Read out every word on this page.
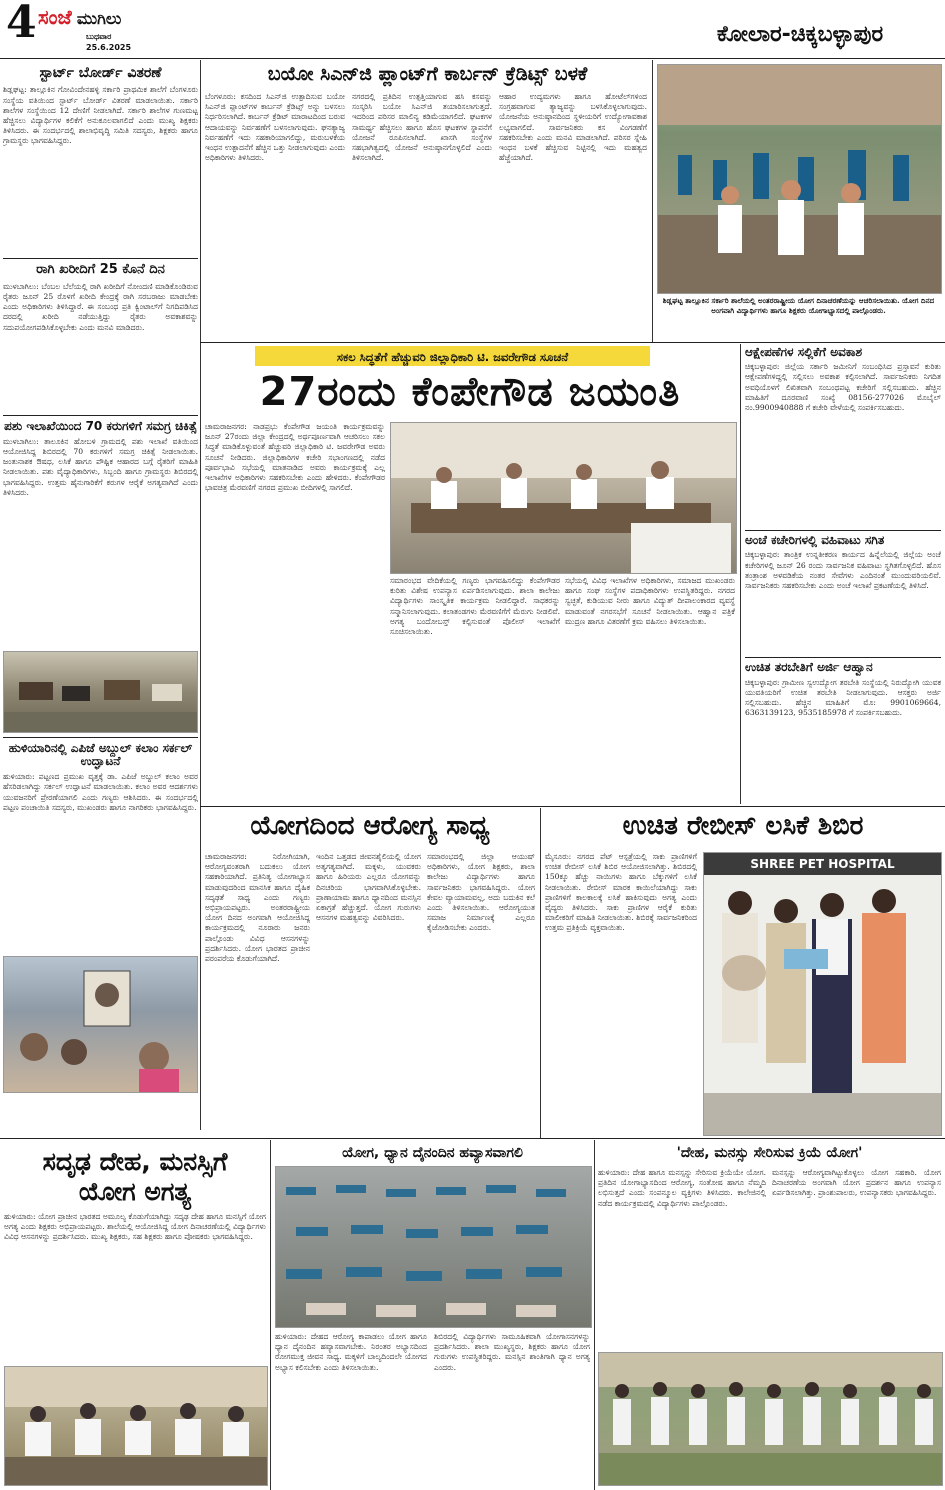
4 ಸಂಜೆ ಮುಗಿಲು
ಬುಧವಾರ
25.6.2025
ಕೋಲಾರ-ಚಿಕ್ಕಬಳ್ಳಾಪುರ
ಸ್ಟಾರ್ಟ್ ಬೋರ್ಡ್ ವಿತರಣೆ
ಶಿಡ್ಲಘಟ್ಟ: ತಾಲ್ಲೂಕಿನ ಗೋವಿಂದೇನಹಳ್ಳಿ ಸರ್ಕಾರಿ ಪ್ರಾಥಮಿಕ ಶಾಲೆಗೆ ಬೆಂಗಳೂರು ಸಂಸ್ಥೆಯ ವತಿಯಿಂದ ಸ್ಟಾರ್ಟ್ ಬೋರ್ಡ್ ವಿತರಣೆ ಮಾಡಲಾಯಿತು. ಸರ್ಕಾರಿ ಶಾಲೆಗಳ ಸಂಸ್ಥೆಯಿಂದ 12 ದೇಣಿಗೆ ನೀಡಲಾಗಿದೆ. ಸರ್ಕಾರಿ ಶಾಲೆಗಳ ಗುಣಮಟ್ಟ ಹೆಚ್ಚಿಸಲು ವಿದ್ಯಾರ್ಥಿಗಳ ಕಲಿಕೆಗೆ ಅನುಕೂಲವಾಗಲಿದೆ ಎಂದು ಮುಖ್ಯ ಶಿಕ್ಷಕರು ತಿಳಿಸಿದರು. ಈ ಸಂದರ್ಭದಲ್ಲಿ ಶಾಲಾಭಿವೃದ್ಧಿ ಸಮಿತಿ ಸದಸ್ಯರು, ಶಿಕ್ಷಕರು ಹಾಗೂ ಗ್ರಾಮಸ್ಥರು ಭಾಗವಹಿಸಿದ್ದರು.
ರಾಗಿ ಖರೀದಿಗೆ 25 ಕೊನೆ ದಿನ
ಮುಳಬಾಗಿಲು: ಬೆಂಬಲ ಬೆಲೆಯಲ್ಲಿ ರಾಗಿ ಖರೀದಿಗೆ ನೋಂದಣಿ ಮಾಡಿಕೊಂಡಿರುವ ರೈತರು ಜೂನ್ 25 ರೊಳಗೆ ಖರೀದಿ ಕೇಂದ್ರಕ್ಕೆ ರಾಗಿ ಸರಬರಾಜು ಮಾಡಬೇಕು ಎಂದು ಅಧಿಕಾರಿಗಳು ತಿಳಿಸಿದ್ದಾರೆ. ಈ ಸಂಬಂಧ ಪ್ರತಿ ಕ್ವಿಂಟಾಲ್‌ಗೆ ನಿಗದಿಪಡಿಸಿದ ದರದಲ್ಲಿ ಖರೀದಿ ನಡೆಯುತ್ತಿದ್ದು ರೈತರು ಅವಕಾಶವನ್ನು ಸದುಪಯೋಗಪಡಿಸಿಕೊಳ್ಳಬೇಕು ಎಂದು ಮನವಿ ಮಾಡಿದರು.
ಪಶು ಇಲಾಖೆಯಿಂದ 70 ಕರುಗಳಿಗೆ ಸಮಗ್ರ ಚಿಕಿತ್ಸೆ
ಮುಳಬಾಗಿಲು: ತಾಲೂಕಿನ ಹೋಬಳಿ ಗ್ರಾಮದಲ್ಲಿ ಪಶು ಇಲಾಖೆ ವತಿಯಿಂದ ಆಯೋಜಿಸಿದ್ದ ಶಿಬಿರದಲ್ಲಿ 70 ಕರುಗಳಿಗೆ ಸಮಗ್ರ ಚಿಕಿತ್ಸೆ ನೀಡಲಾಯಿತು. ಜಂತುನಾಶಕ ಔಷಧ, ಲಸಿಕೆ ಹಾಗೂ ಪೌಷ್ಟಿಕ ಆಹಾರದ ಬಗ್ಗೆ ರೈತರಿಗೆ ಮಾಹಿತಿ ನೀಡಲಾಯಿತು. ಪಶು ವೈದ್ಯಾಧಿಕಾರಿಗಳು, ಸಿಬ್ಬಂದಿ ಹಾಗೂ ಗ್ರಾಮಸ್ಥರು ಶಿಬಿರದಲ್ಲಿ ಭಾಗವಹಿಸಿದ್ದರು. ಉತ್ತಮ ಹೈನುಗಾರಿಕೆಗೆ ಕರುಗಳ ಆರೈಕೆ ಅಗತ್ಯವಾಗಿದೆ ಎಂದು ತಿಳಿಸಿದರು.
ಹುಳಿಯಾರಿನಲ್ಲಿ ಎಪಿಜೆ ಅಬ್ದುಲ್ ಕಲಾಂ ಸರ್ಕಲ್ ಉದ್ಘಾಟನೆ
ಹುಳಿಯಾರು: ಪಟ್ಟಣದ ಪ್ರಮುಖ ವೃತ್ತಕ್ಕೆ ಡಾ. ಎಪಿಜೆ ಅಬ್ದುಲ್ ಕಲಾಂ ಅವರ ಹೆಸರಿಡಲಾಗಿದ್ದು ಸರ್ಕಲ್ ಉದ್ಘಾಟನೆ ಮಾಡಲಾಯಿತು. ಕಲಾಂ ಅವರ ಆದರ್ಶಗಳು ಯುವಜನರಿಗೆ ಪ್ರೇರಣೆಯಾಗಲಿ ಎಂದು ಗಣ್ಯರು ಆಶಿಸಿದರು. ಈ ಸಂದರ್ಭದಲ್ಲಿ ಪಟ್ಟಣ ಪಂಚಾಯಿತಿ ಸದಸ್ಯರು, ಮುಖಂಡರು ಹಾಗೂ ನಾಗರಿಕರು ಭಾಗವಹಿಸಿದ್ದರು.
ಬಯೋ ಸಿಎನ್‌ಜಿ ಪ್ಲಾಂಟ್‌ಗೆ ಕಾರ್ಬನ್ ಕ್ರೆಡಿಟ್ಸ್ ಬಳಕೆ
ಬೆಂಗಳೂರು: ಕಸದಿಂದ ಸಿಎನ್‌ಜಿ ಉತ್ಪಾದಿಸುವ ಬಯೋ ಸಿಎನ್‌ಜಿ ಪ್ಲಾಂಟ್‌ಗಳ ಕಾರ್ಬನ್ ಕ್ರೆಡಿಟ್ಸ್ ಅನ್ನು ಬಳಸಲು ನಿರ್ಧರಿಸಲಾಗಿದೆ. ಕಾರ್ಬನ್ ಕ್ರೆಡಿಟ್ ಮಾರಾಟದಿಂದ ಬರುವ ಆದಾಯವನ್ನು ನಿರ್ವಹಣೆಗೆ ಬಳಸಲಾಗುವುದು. ಘನತ್ಯಾಜ್ಯ ನಿರ್ವಹಣೆಗೆ ಇದು ಸಹಕಾರಿಯಾಗಲಿದ್ದು, ಮರುಬಳಕೆಯ ಇಂಧನ ಉತ್ಪಾದನೆಗೆ ಹೆಚ್ಚಿನ ಒತ್ತು ನೀಡಲಾಗುವುದು ಎಂದು ಅಧಿಕಾರಿಗಳು ತಿಳಿಸಿದರು.
ನಗರದಲ್ಲಿ ಪ್ರತಿದಿನ ಉತ್ಪತ್ತಿಯಾಗುವ ಹಸಿ ಕಸವನ್ನು ಸಂಸ್ಕರಿಸಿ ಬಯೋ ಸಿಎನ್‌ಜಿ ತಯಾರಿಸಲಾಗುತ್ತದೆ. ಇದರಿಂದ ಪರಿಸರ ಮಾಲಿನ್ಯ ಕಡಿಮೆಯಾಗಲಿದೆ. ಘಟಕಗಳ ಸಾಮರ್ಥ್ಯ ಹೆಚ್ಚಿಸಲು ಹಾಗೂ ಹೊಸ ಘಟಕಗಳ ಸ್ಥಾಪನೆಗೆ ಯೋಜನೆ ರೂಪಿಸಲಾಗಿದೆ. ಖಾಸಗಿ ಸಂಸ್ಥೆಗಳ ಸಹಭಾಗಿತ್ವದಲ್ಲಿ ಯೋಜನೆ ಅನುಷ್ಠಾನಗೊಳ್ಳಲಿದೆ ಎಂದು ತಿಳಿಸಲಾಗಿದೆ.
ಆಹಾರ ಉದ್ಯಮಗಳು ಹಾಗೂ ಹೋಟೆಲ್‌ಗಳಿಂದ ಸಂಗ್ರಹವಾಗುವ ತ್ಯಾಜ್ಯವನ್ನು ಬಳಸಿಕೊಳ್ಳಲಾಗುವುದು. ಯೋಜನೆಯ ಅನುಷ್ಠಾನದಿಂದ ಸ್ಥಳೀಯರಿಗೆ ಉದ್ಯೋಗಾವಕಾಶ ಲಭ್ಯವಾಗಲಿದೆ. ಸಾರ್ವಜನಿಕರು ಕಸ ವಿಂಗಡಣೆಗೆ ಸಹಕರಿಸಬೇಕು ಎಂದು ಮನವಿ ಮಾಡಲಾಗಿದೆ. ಪರಿಸರ ಸ್ನೇಹಿ ಇಂಧನ ಬಳಕೆ ಹೆಚ್ಚಿಸುವ ನಿಟ್ಟಿನಲ್ಲಿ ಇದು ಮಹತ್ವದ ಹೆಜ್ಜೆಯಾಗಿದೆ.
ಶಿಡ್ಲಘಟ್ಟ ತಾಲ್ಲೂಕಿನ ಸರ್ಕಾರಿ ಶಾಲೆಯಲ್ಲಿ ಅಂತರರಾಷ್ಟ್ರೀಯ ಯೋಗ ದಿನಾಚರಣೆಯನ್ನು ಆಚರಿಸಲಾಯಿತು. ಯೋಗ ದಿನದ ಅಂಗವಾಗಿ ವಿದ್ಯಾರ್ಥಿಗಳು ಹಾಗೂ ಶಿಕ್ಷಕರು ಯೋಗಾಭ್ಯಾಸದಲ್ಲಿ ಪಾಲ್ಗೊಂಡರು.
ಸಕಲ ಸಿದ್ಧತೆಗೆ ಹೆಚ್ಚುವರಿ ಜಿಲ್ಲಾಧಿಕಾರಿ ಟಿ. ಜವರೇಗೌಡ ಸೂಚನೆ
27ರಂದು ಕೆಂಪೇಗೌಡ ಜಯಂತಿ
ಚಾಮರಾಜನಗರ: ನಾಡಪ್ರಭು ಕೆಂಪೇಗೌಡ ಜಯಂತಿ ಕಾರ್ಯಕ್ರಮವನ್ನು ಜೂನ್ 27ರಂದು ಜಿಲ್ಲಾ ಕೇಂದ್ರದಲ್ಲಿ ಅರ್ಥಪೂರ್ಣವಾಗಿ ಆಚರಿಸಲು ಸಕಲ ಸಿದ್ಧತೆ ಮಾಡಿಕೊಳ್ಳುವಂತೆ ಹೆಚ್ಚುವರಿ ಜಿಲ್ಲಾಧಿಕಾರಿ ಟಿ. ಜವರೇಗೌಡ ಅವರು ಸೂಚನೆ ನೀಡಿದರು. ಜಿಲ್ಲಾಧಿಕಾರಿಗಳ ಕಚೇರಿ ಸಭಾಂಗಣದಲ್ಲಿ ನಡೆದ ಪೂರ್ವಭಾವಿ ಸಭೆಯಲ್ಲಿ ಮಾತನಾಡಿದ ಅವರು ಕಾರ್ಯಕ್ರಮಕ್ಕೆ ಎಲ್ಲ ಇಲಾಖೆಗಳ ಅಧಿಕಾರಿಗಳು ಸಹಕರಿಸಬೇಕು ಎಂದು ಹೇಳಿದರು. ಕೆಂಪೇಗೌಡರ ಭಾವಚಿತ್ರ ಮೆರವಣಿಗೆ ನಗರದ ಪ್ರಮುಖ ಬೀದಿಗಳಲ್ಲಿ ಸಾಗಲಿದೆ.
ಸಮಾರಂಭದ ವೇದಿಕೆಯಲ್ಲಿ ಗಣ್ಯರು ಭಾಗವಹಿಸಲಿದ್ದು ಕೆಂಪೇಗೌಡರ ಕುರಿತು ವಿಶೇಷ ಉಪನ್ಯಾಸ ಏರ್ಪಡಿಸಲಾಗುವುದು. ಶಾಲಾ ಕಾಲೇಜು ವಿದ್ಯಾರ್ಥಿಗಳು ಸಾಂಸ್ಕೃತಿಕ ಕಾರ್ಯಕ್ರಮ ನೀಡಲಿದ್ದಾರೆ. ಸಾಧಕರನ್ನು ಸನ್ಮಾನಿಸಲಾಗುವುದು. ಕಲಾತಂಡಗಳು ಮೆರವಣಿಗೆಗೆ ಮೆರುಗು ನೀಡಲಿವೆ. ಅಗತ್ಯ ಬಂದೋಬಸ್ತ್ ಕಲ್ಪಿಸುವಂತೆ ಪೊಲೀಸ್ ಇಲಾಖೆಗೆ ಸೂಚಿಸಲಾಯಿತು.
ಸಭೆಯಲ್ಲಿ ವಿವಿಧ ಇಲಾಖೆಗಳ ಅಧಿಕಾರಿಗಳು, ಸಮಾಜದ ಮುಖಂಡರು ಹಾಗೂ ಸಂಘ ಸಂಸ್ಥೆಗಳ ಪದಾಧಿಕಾರಿಗಳು ಉಪಸ್ಥಿತರಿದ್ದರು. ನಗರದ ಸ್ವಚ್ಛತೆ, ಕುಡಿಯುವ ನೀರು ಹಾಗೂ ವಿದ್ಯುತ್ ದೀಪಾಲಂಕಾರದ ವ್ಯವಸ್ಥೆ ಮಾಡುವಂತೆ ನಗರಸಭೆಗೆ ಸೂಚನೆ ನೀಡಲಾಯಿತು. ಆಹ್ವಾನ ಪತ್ರಿಕೆ ಮುದ್ರಣ ಹಾಗೂ ವಿತರಣೆಗೆ ಕ್ರಮ ವಹಿಸಲು ತಿಳಿಸಲಾಯಿತು.
ಆಕ್ಷೇಪಣೆಗಳ ಸಲ್ಲಿಕೆಗೆ ಅವಕಾಶ
ಚಿಕ್ಕಬಳ್ಳಾಪುರ: ಜಿಲ್ಲೆಯ ಸರ್ಕಾರಿ ಜಮೀನಿಗೆ ಸಂಬಂಧಿಸಿದ ಪ್ರಸ್ತಾವನೆ ಕುರಿತು ಆಕ್ಷೇಪಣೆಗಳಿದ್ದಲ್ಲಿ ಸಲ್ಲಿಸಲು ಅವಕಾಶ ಕಲ್ಪಿಸಲಾಗಿದೆ. ಸಾರ್ವಜನಿಕರು ನಿಗದಿತ ಅವಧಿಯೊಳಗೆ ಲಿಖಿತವಾಗಿ ಸಂಬಂಧಪಟ್ಟ ಕಚೇರಿಗೆ ಸಲ್ಲಿಸಬಹುದು. ಹೆಚ್ಚಿನ ಮಾಹಿತಿಗೆ ದೂರವಾಣಿ ಸಂಖ್ಯೆ 08156-277026 ಮೊಬೈಲ್ ನಂ.9900940888 ಗೆ ಕಚೇರಿ ವೇಳೆಯಲ್ಲಿ ಸಂಪರ್ಕಿಸಬಹುದು.
ಅಂಚೆ ಕಚೇರಿಗಳಲ್ಲಿ ವಹಿವಾಟು ಸಗಿತ
ಚಿಕ್ಕಬಳ್ಳಾಪುರ: ತಾಂತ್ರಿಕ ಉನ್ನತೀಕರಣ ಕಾರ್ಯದ ಹಿನ್ನೆಲೆಯಲ್ಲಿ ಜಿಲ್ಲೆಯ ಅಂಚೆ ಕಚೇರಿಗಳಲ್ಲಿ ಜೂನ್ 26 ರಂದು ಸಾರ್ವಜನಿಕ ವಹಿವಾಟು ಸ್ಥಗಿತಗೊಳ್ಳಲಿದೆ. ಹೊಸ ತಂತ್ರಾಂಶ ಅಳವಡಿಕೆಯ ನಂತರ ಸೇವೆಗಳು ಎಂದಿನಂತೆ ಮುಂದುವರಿಯಲಿವೆ. ಸಾರ್ವಜನಿಕರು ಸಹಕರಿಸಬೇಕು ಎಂದು ಅಂಚೆ ಇಲಾಖೆ ಪ್ರಕಟಣೆಯಲ್ಲಿ ತಿಳಿಸಿದೆ.
ಉಚಿತ ತರಬೇತಿಗೆ ಅರ್ಜಿ ಆಹ್ವಾನ
ಚಿಕ್ಕಬಳ್ಳಾಪುರ: ಗ್ರಾಮೀಣ ಸ್ವಉದ್ಯೋಗ ತರಬೇತಿ ಸಂಸ್ಥೆಯಲ್ಲಿ ನಿರುದ್ಯೋಗಿ ಯುವಕ ಯುವತಿಯರಿಗೆ ಉಚಿತ ತರಬೇತಿ ನೀಡಲಾಗುವುದು. ಆಸಕ್ತರು ಅರ್ಜಿ ಸಲ್ಲಿಸಬಹುದು. ಹೆಚ್ಚಿನ ಮಾಹಿತಿಗೆ ಮೊ: 9901069664, 6363139123, 9535185978 ಗೆ ಸಂಪರ್ಕಿಸಬಹುದು.
ಯೋಗದಿಂದ ಆರೋಗ್ಯ ಸಾಧ್ಯ
ಚಾಮರಾಜನಗರ: ನಿರೋಗಿಯಾಗಿ, ಆರೋಗ್ಯವಂತರಾಗಿ ಬದುಕಲು ಯೋಗ ಸಹಕಾರಿಯಾಗಿದೆ. ಪ್ರತಿನಿತ್ಯ ಯೋಗಾಭ್ಯಾಸ ಮಾಡುವುದರಿಂದ ಮಾನಸಿಕ ಹಾಗೂ ದೈಹಿಕ ಸದೃಢತೆ ಸಾಧ್ಯ ಎಂದು ಗಣ್ಯರು ಅಭಿಪ್ರಾಯಪಟ್ಟರು. ಅಂತರರಾಷ್ಟ್ರೀಯ ಯೋಗ ದಿನದ ಅಂಗವಾಗಿ ಆಯೋಜಿಸಿದ್ದ ಕಾರ್ಯಕ್ರಮದಲ್ಲಿ ನೂರಾರು ಜನರು ಪಾಲ್ಗೊಂಡು ವಿವಿಧ ಆಸನಗಳನ್ನು ಪ್ರದರ್ಶಿಸಿದರು. ಯೋಗ ಭಾರತದ ಪ್ರಾಚೀನ ಪರಂಪರೆಯ ಕೊಡುಗೆಯಾಗಿದೆ.
ಇಂದಿನ ಒತ್ತಡದ ಜೀವನಶೈಲಿಯಲ್ಲಿ ಯೋಗ ಅತ್ಯಗತ್ಯವಾಗಿದೆ. ಮಕ್ಕಳು, ಯುವಕರು ಹಾಗೂ ಹಿರಿಯರು ಎಲ್ಲರೂ ಯೋಗವನ್ನು ದಿನಚರಿಯ ಭಾಗವಾಗಿಸಿಕೊಳ್ಳಬೇಕು. ಪ್ರಾಣಾಯಾಮ ಹಾಗೂ ಧ್ಯಾನದಿಂದ ಮನಸ್ಸಿನ ಏಕಾಗ್ರತೆ ಹೆಚ್ಚುತ್ತದೆ. ಯೋಗ ಗುರುಗಳು ಆಸನಗಳ ಮಹತ್ವವನ್ನು ವಿವರಿಸಿದರು.
ಸಮಾರಂಭದಲ್ಲಿ ಜಿಲ್ಲಾ ಆಯುಷ್ ಅಧಿಕಾರಿಗಳು, ಯೋಗ ಶಿಕ್ಷಕರು, ಶಾಲಾ ಕಾಲೇಜು ವಿದ್ಯಾರ್ಥಿಗಳು ಹಾಗೂ ಸಾರ್ವಜನಿಕರು ಭಾಗವಹಿಸಿದ್ದರು. ಯೋಗ ಕೇವಲ ವ್ಯಾಯಾಮವಲ್ಲ, ಅದು ಬದುಕಿನ ಕಲೆ ಎಂದು ತಿಳಿಸಲಾಯಿತು. ಆರೋಗ್ಯಯುತ ಸಮಾಜ ನಿರ್ಮಾಣಕ್ಕೆ ಎಲ್ಲರೂ ಕೈಜೋಡಿಸಬೇಕು ಎಂದರು.
ಉಚಿತ ರೇಬೀಸ್ ಲಸಿಕೆ ಶಿಬಿರ
ಮೈಸೂರು: ನಗರದ ಪೆಟ್ ಆಸ್ಪತ್ರೆಯಲ್ಲಿ ಸಾಕು ಪ್ರಾಣಿಗಳಿಗೆ ಉಚಿತ ರೇಬೀಸ್ ಲಸಿಕೆ ಶಿಬಿರ ಆಯೋಜಿಸಲಾಗಿತ್ತು. ಶಿಬಿರದಲ್ಲಿ 150ಕ್ಕೂ ಹೆಚ್ಚು ನಾಯಿಗಳು ಹಾಗೂ ಬೆಕ್ಕುಗಳಿಗೆ ಲಸಿಕೆ ನೀಡಲಾಯಿತು. ರೇಬೀಸ್ ಮಾರಕ ಕಾಯಿಲೆಯಾಗಿದ್ದು ಸಾಕು ಪ್ರಾಣಿಗಳಿಗೆ ಕಾಲಕಾಲಕ್ಕೆ ಲಸಿಕೆ ಹಾಕಿಸುವುದು ಅಗತ್ಯ ಎಂದು ವೈದ್ಯರು ತಿಳಿಸಿದರು. ಸಾಕು ಪ್ರಾಣಿಗಳ ಆರೈಕೆ ಕುರಿತು ಮಾಲೀಕರಿಗೆ ಮಾಹಿತಿ ನೀಡಲಾಯಿತು. ಶಿಬಿರಕ್ಕೆ ಸಾರ್ವಜನಿಕರಿಂದ ಉತ್ತಮ ಪ್ರತಿಕ್ರಿಯೆ ವ್ಯಕ್ತವಾಯಿತು.
SHREE PET HOSPITAL
ಸದೃಢ ದೇಹ, ಮನಸ್ಸಿಗೆ
ಯೋಗ ಅಗತ್ಯ
ಹುಳಿಯಾರು: ಯೋಗ ಪ್ರಾಚೀನ ಭಾರತದ ಅಮೂಲ್ಯ ಕೊಡುಗೆಯಾಗಿದ್ದು ಸದೃಢ ದೇಹ ಹಾಗೂ ಮನಸ್ಸಿಗೆ ಯೋಗ ಅಗತ್ಯ ಎಂದು ಶಿಕ್ಷಕರು ಅಭಿಪ್ರಾಯಪಟ್ಟರು. ಶಾಲೆಯಲ್ಲಿ ಆಯೋಜಿಸಿದ್ದ ಯೋಗ ದಿನಾಚರಣೆಯಲ್ಲಿ ವಿದ್ಯಾರ್ಥಿಗಳು ವಿವಿಧ ಆಸನಗಳನ್ನು ಪ್ರದರ್ಶಿಸಿದರು. ಮುಖ್ಯ ಶಿಕ್ಷಕರು, ಸಹ ಶಿಕ್ಷಕರು ಹಾಗೂ ಪೋಷಕರು ಭಾಗವಹಿಸಿದ್ದರು.
ಯೋಗ, ಧ್ಯಾನ ದೈನಂದಿನ ಹವ್ಯಾಸವಾಗಲಿ
ಹುಳಿಯಾರು: ದೇಹದ ಆರೋಗ್ಯ ಕಾಪಾಡಲು ಯೋಗ ಹಾಗೂ ಧ್ಯಾನ ದೈನಂದಿನ ಹವ್ಯಾಸವಾಗಬೇಕು. ನಿರಂತರ ಅಭ್ಯಾಸದಿಂದ ರೋಗಮುಕ್ತ ಜೀವನ ಸಾಧ್ಯ. ಮಕ್ಕಳಿಗೆ ಬಾಲ್ಯದಿಂದಲೇ ಯೋಗದ ಅಭ್ಯಾಸ ಕಲಿಸಬೇಕು ಎಂದು ತಿಳಿಸಲಾಯಿತು.
ಶಿಬಿರದಲ್ಲಿ ವಿದ್ಯಾರ್ಥಿಗಳು ಸಾಮೂಹಿಕವಾಗಿ ಯೋಗಾಸನಗಳನ್ನು ಪ್ರದರ್ಶಿಸಿದರು. ಶಾಲಾ ಮುಖ್ಯಸ್ಥರು, ಶಿಕ್ಷಕರು ಹಾಗೂ ಯೋಗ ಗುರುಗಳು ಉಪಸ್ಥಿತರಿದ್ದರು. ಮನಸ್ಸಿನ ಶಾಂತಿಗಾಗಿ ಧ್ಯಾನ ಅಗತ್ಯ ಎಂದರು.
'ದೇಹ, ಮನಸ್ಸು ಸೇರಿಸುವ ಕ್ರಿಯೆ ಯೋಗ'
ಹುಳಿಯಾರು: ದೇಹ ಹಾಗೂ ಮನಸ್ಸನ್ನು ಸೇರಿಸುವ ಕ್ರಿಯೆಯೇ ಯೋಗ. ಪ್ರತಿದಿನ ಯೋಗಾಭ್ಯಾಸದಿಂದ ಆರೋಗ್ಯ, ಸಂತೋಷ ಹಾಗೂ ನೆಮ್ಮದಿ ಲಭಿಸುತ್ತದೆ ಎಂದು ಸಂಪನ್ಮೂಲ ವ್ಯಕ್ತಿಗಳು ತಿಳಿಸಿದರು. ಕಾಲೇಜಿನಲ್ಲಿ ನಡೆದ ಕಾರ್ಯಕ್ರಮದಲ್ಲಿ ವಿದ್ಯಾರ್ಥಿಗಳು ಪಾಲ್ಗೊಂಡರು.
ಮನಸ್ಸನ್ನು ಆರೋಗ್ಯವಾಗಿಟ್ಟುಕೊಳ್ಳಲು ಯೋಗ ಸಹಕಾರಿ. ಯೋಗ ದಿನಾಚರಣೆಯ ಅಂಗವಾಗಿ ಯೋಗ ಪ್ರದರ್ಶನ ಹಾಗೂ ಉಪನ್ಯಾಸ ಏರ್ಪಡಿಸಲಾಗಿತ್ತು. ಪ್ರಾಂಶುಪಾಲರು, ಉಪನ್ಯಾಸಕರು ಭಾಗವಹಿಸಿದ್ದರು.
